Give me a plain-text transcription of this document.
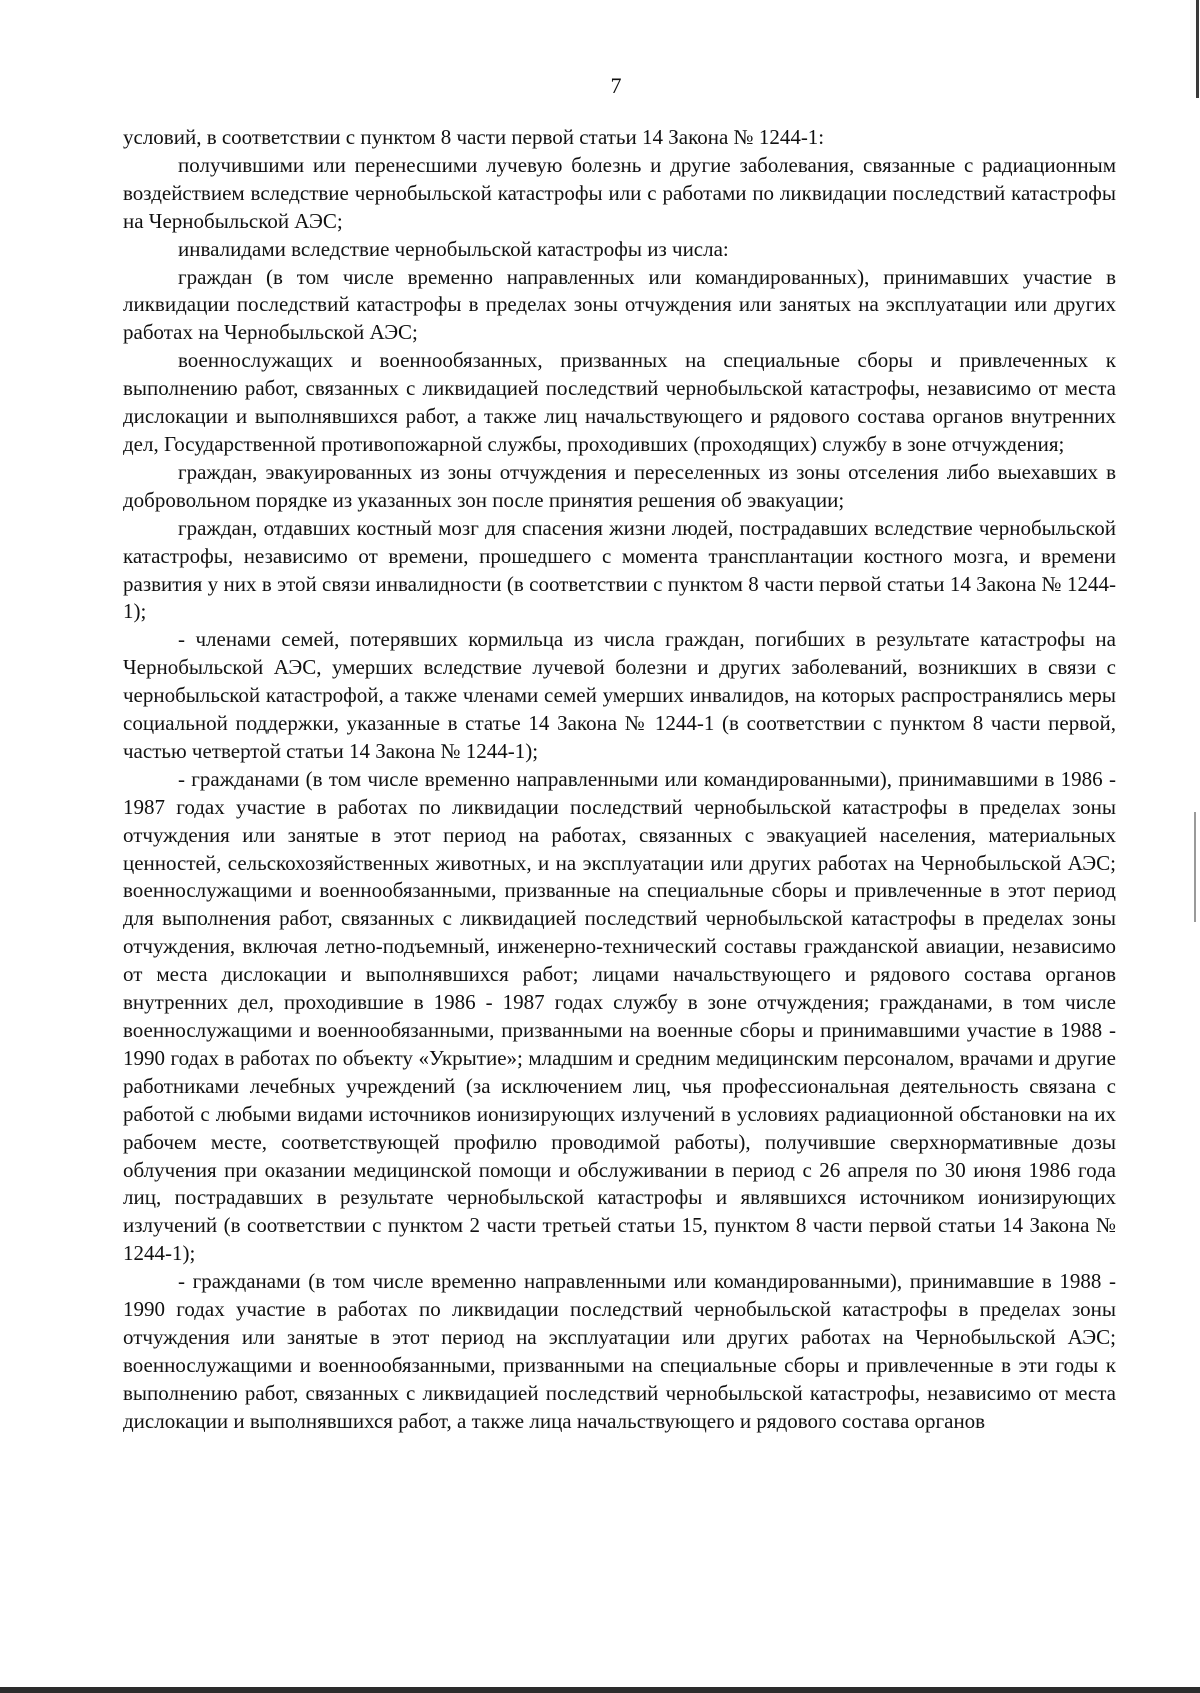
7

условий, в соответствии с пунктом 8 части первой статьи 14 Закона № 1244-1:

получившими или перенесшими лучевую болезнь и другие заболевания, связанные с радиационным воздействием вследствие чернобыльской катастрофы или с работами по ликвидации последствий катастрофы на Чернобыльской АЭС;

инвалидами вследствие чернобыльской катастрофы из числа:

граждан (в том числе временно направленных или командированных), принимавших участие в ликвидации последствий катастрофы в пределах зоны отчуждения или занятых на эксплуатации или других работах на Чернобыльской АЭС;

военнослужащих и военнообязанных, призванных на специальные сборы и привлеченных к выполнению работ, связанных с ликвидацией последствий чернобыльской катастрофы, независимо от места дислокации и выполнявшихся работ, а также лиц начальствующего и рядового состава органов внутренних дел, Государственной противопожарной службы, проходивших (проходящих) службу в зоне отчуждения;

граждан, эвакуированных из зоны отчуждения и переселенных из зоны отселения либо выехавших в добровольном порядке из указанных зон после принятия решения об эвакуации;

граждан, отдавших костный мозг для спасения жизни людей, пострадавших вследствие чернобыльской катастрофы, независимо от времени, прошедшего с момента трансплантации костного мозга, и времени развития у них в этой связи инвалидности (в соответствии с пунктом 8 части первой статьи 14 Закона № 1244-1);

- членами семей, потерявших кормильца из числа граждан, погибших в результате катастрофы на Чернобыльской АЭС, умерших вследствие лучевой болезни и других заболеваний, возникших в связи с чернобыльской катастрофой, а также членами семей умерших инвалидов, на которых распространялись меры социальной поддержки, указанные в статье 14 Закона № 1244-1 (в соответствии с пунктом 8 части первой, частью четвертой статьи 14 Закона № 1244-1);

- гражданами (в том числе временно направленными или командированными), принимавшими в 1986 - 1987 годах участие в работах по ликвидации последствий чернобыльской катастрофы в пределах зоны отчуждения или занятые в этот период на работах, связанных с эвакуацией населения, материальных ценностей, сельскохозяйственных животных, и на эксплуатации или других работах на Чернобыльской АЭС; военнослужащими и военнообязанными, призванные на специальные сборы и привлеченные в этот период для выполнения работ, связанных с ликвидацией последствий чернобыльской катастрофы в пределах зоны отчуждения, включая летно-подъемный, инженерно-технический составы гражданской авиации, независимо от места дислокации и выполнявшихся работ; лицами начальствующего и рядового состава органов внутренних дел, проходившие в 1986 - 1987 годах службу в зоне отчуждения; гражданами, в том числе военнослужащими и военнообязанными, призванными на военные сборы и принимавшими участие в 1988 - 1990 годах в работах по объекту «Укрытие»; младшим и средним медицинским персоналом, врачами и другие работниками лечебных учреждений (за исключением лиц, чья профессиональная деятельность связана с работой с любыми видами источников ионизирующих излучений в условиях радиационной обстановки на их рабочем месте, соответствующей профилю проводимой работы), получившие сверхнормативные дозы облучения при оказании медицинской помощи и обслуживании в период с 26 апреля по 30 июня 1986 года лиц, пострадавших в результате чернобыльской катастрофы и являвшихся источником ионизирующих излучений (в соответствии с пунктом 2 части третьей статьи 15, пунктом 8 части первой статьи 14 Закона № 1244-1);

- гражданами (в том числе временно направленными или командированными), принимавшие в 1988 - 1990 годах участие в работах по ликвидации последствий чернобыльской катастрофы в пределах зоны отчуждения или занятые в этот период на эксплуатации или других работах на Чернобыльской АЭС; военнослужащими и военнообязанными, призванными на специальные сборы и привлеченные в эти годы к выполнению работ, связанных с ликвидацией последствий чернобыльской катастрофы, независимо от места дислокации и выполнявшихся работ, а также лица начальствующего и рядового состава органов
